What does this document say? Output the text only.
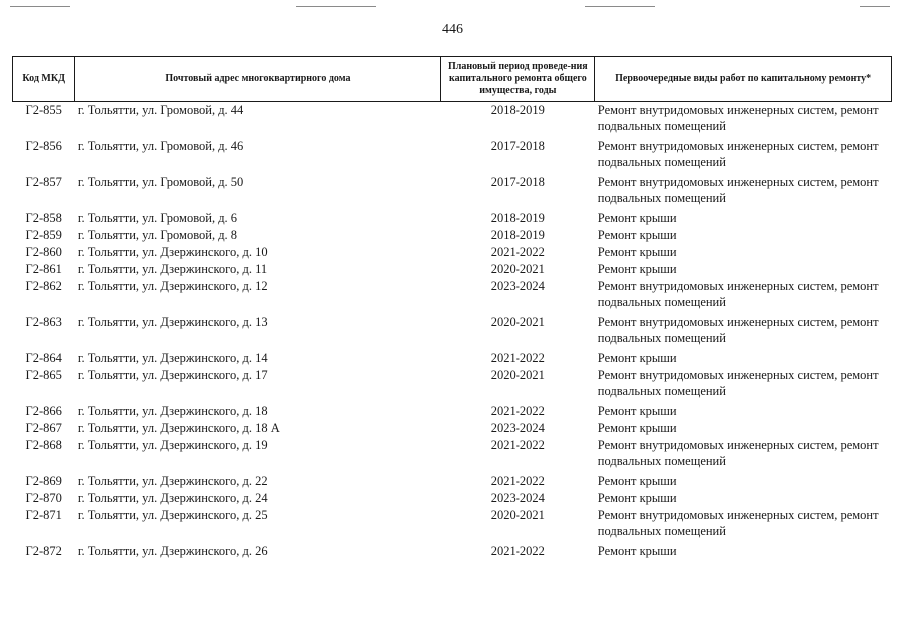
446
Код МКД	Почтовый адрес многоквартирного дома	Плановый период проведе-ния капитального ремонта общего имущества, годы	Первоочередные виды работ по капитальному ремонту*
Г2-855	г. Тольятти, ул. Громовой, д. 44	2018-2019	Ремонт внутридомовых инженерных систем, ремонт подвальных помещений
Г2-856	г. Тольятти, ул. Громовой, д. 46	2017-2018	Ремонт внутридомовых инженерных систем, ремонт подвальных помещений
Г2-857	г. Тольятти, ул. Громовой, д. 50	2017-2018	Ремонт внутридомовых инженерных систем, ремонт подвальных помещений
Г2-858	г. Тольятти, ул. Громовой, д. 6	2018-2019	Ремонт крыши
Г2-859	г. Тольятти, ул. Громовой, д. 8	2018-2019	Ремонт крыши
Г2-860	г. Тольятти, ул. Дзержинского, д. 10	2021-2022	Ремонт крыши
Г2-861	г. Тольятти, ул. Дзержинского, д. 11	2020-2021	Ремонт крыши
Г2-862	г. Тольятти, ул. Дзержинского, д. 12	2023-2024	Ремонт внутридомовых инженерных систем, ремонт подвальных помещений
Г2-863	г. Тольятти, ул. Дзержинского, д. 13	2020-2021	Ремонт внутридомовых инженерных систем, ремонт подвальных помещений
Г2-864	г. Тольятти, ул. Дзержинского, д. 14	2021-2022	Ремонт крыши
Г2-865	г. Тольятти, ул. Дзержинского, д. 17	2020-2021	Ремонт внутридомовых инженерных систем, ремонт подвальных помещений
Г2-866	г. Тольятти, ул. Дзержинского, д. 18	2021-2022	Ремонт крыши
Г2-867	г. Тольятти, ул. Дзержинского, д. 18 А	2023-2024	Ремонт крыши
Г2-868	г. Тольятти, ул. Дзержинского, д. 19	2021-2022	Ремонт внутридомовых инженерных систем, ремонт подвальных помещений
Г2-869	г. Тольятти, ул. Дзержинского, д. 22	2021-2022	Ремонт крыши
Г2-870	г. Тольятти, ул. Дзержинского, д. 24	2023-2024	Ремонт крыши
Г2-871	г. Тольятти, ул. Дзержинского, д. 25	2020-2021	Ремонт внутридомовых инженерных систем, ремонт подвальных помещений
Г2-872	г. Тольятти, ул. Дзержинского, д. 26	2021-2022	Ремонт крыши
